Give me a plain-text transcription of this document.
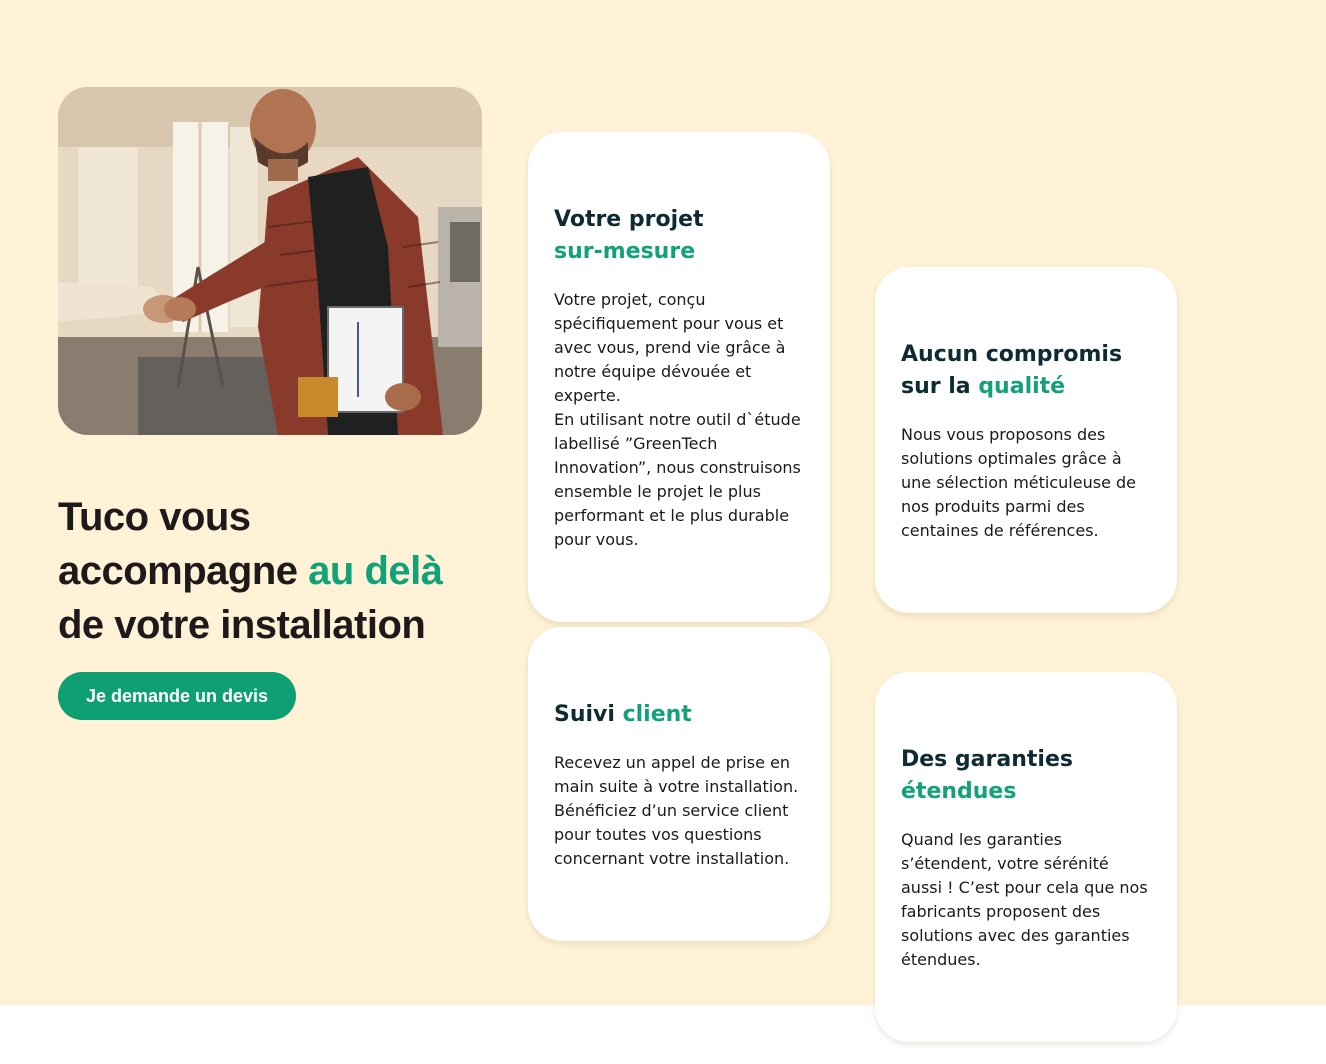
Tuco vous accompagne au delà de votre installation
Je demande un devis
Votre projet
sur-mesure

Votre projet, conçu spécifiquement pour vous et avec vous, prend vie grâce à notre équipe dévouée et experte.
En utilisant notre outil d`étude labellisé ”GreenTech Innovation”, nous construisons ensemble le projet le plus performant et le plus durable pour vous.

Aucun compromis sur la qualité

Nous vous proposons des solutions optimales grâce à une sélection méticuleuse de nos produits parmi des centaines de références.

Suivi client

Recevez un appel de prise en main suite à votre installation. Bénéficiez d’un service client pour toutes vos questions concernant votre installation.

Des garanties
étendues

Quand les garanties s’étendent, votre sérénité aussi ! C’est pour cela que nos fabricants proposent des solutions avec des garanties étendues.
